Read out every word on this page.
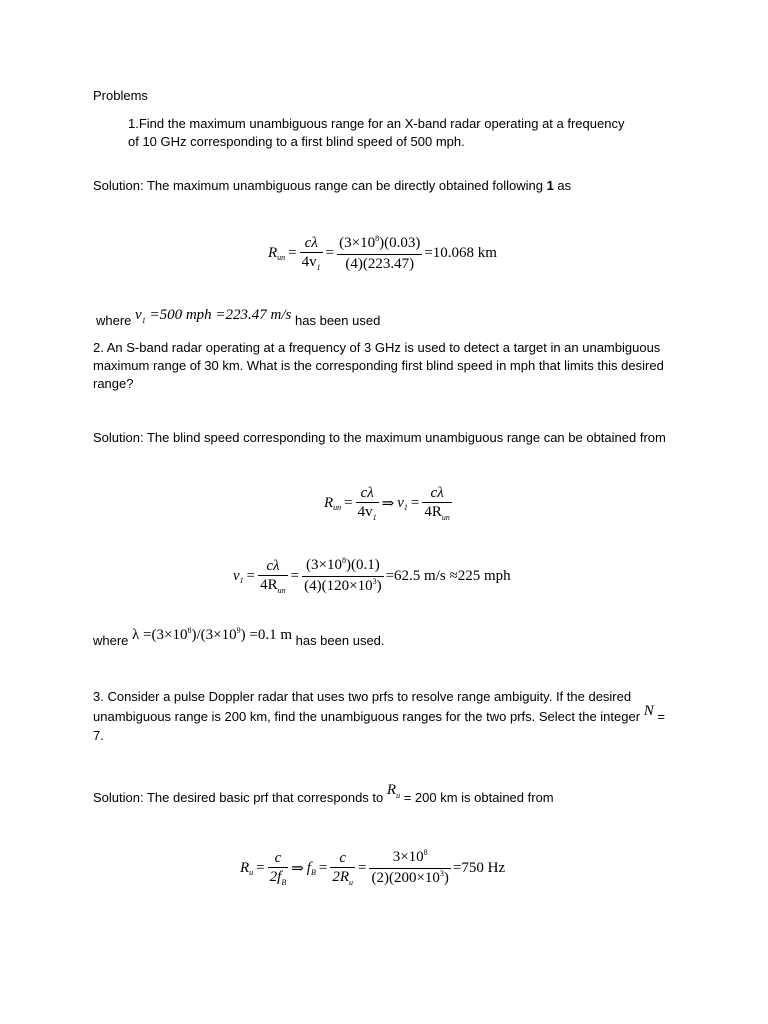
Problems
1.Find the maximum unambiguous range for an X-band radar operating at a frequency
of 10 GHz corresponding to a first blind speed of 500 mph.
Solution: The maximum unambiguous range can be directly obtained following 1 as
R un = $\frac{c\lambda}{4v_1} = \frac{(3\times 10^8)(0.03)}{(4)(223.47)} =10.068$ km
where $v_1 =500$ mph =223.47 m/s has been used
2. An S-band radar operating at a frequency of 3 GHz is used to detect a target in an unambiguous
maximum range of 30 km. What is the corresponding first blind speed in mph that limits this desired
range?
Solution: The blind speed corresponding to the maximum unambiguous range can be obtained from
R un = $\frac{c\lambda}{4v_1}$ ⇒ v $1 = \frac{c\lambda}{4R_{un}}$
v $1 = \frac{c\lambda}{4R_{un}} = \frac{(3\times 10^8)(0.1)}{(4)(120\times 10^3)} =62.5$ m/s ≈225 mph
where $\lambda =(3\times 10^8)/(3\times 10^9) =0.1$ m has been used.
3. Consider a pulse Doppler radar that uses two prfs to resolve range ambiguity. If the desired
unambiguous range is 200 km, find the unambiguous ranges for the two prfs. Select the integer N =
7.
Solution: The desired basic prf that corresponds to $R_u = 200$ km is obtained from
R $u = \frac{c}{2f_B}$ ⇒ f $B = \frac{c}{2R_u} = \frac{3\times 10^8}{(2)(200\times 10^3)} =750$ Hz
